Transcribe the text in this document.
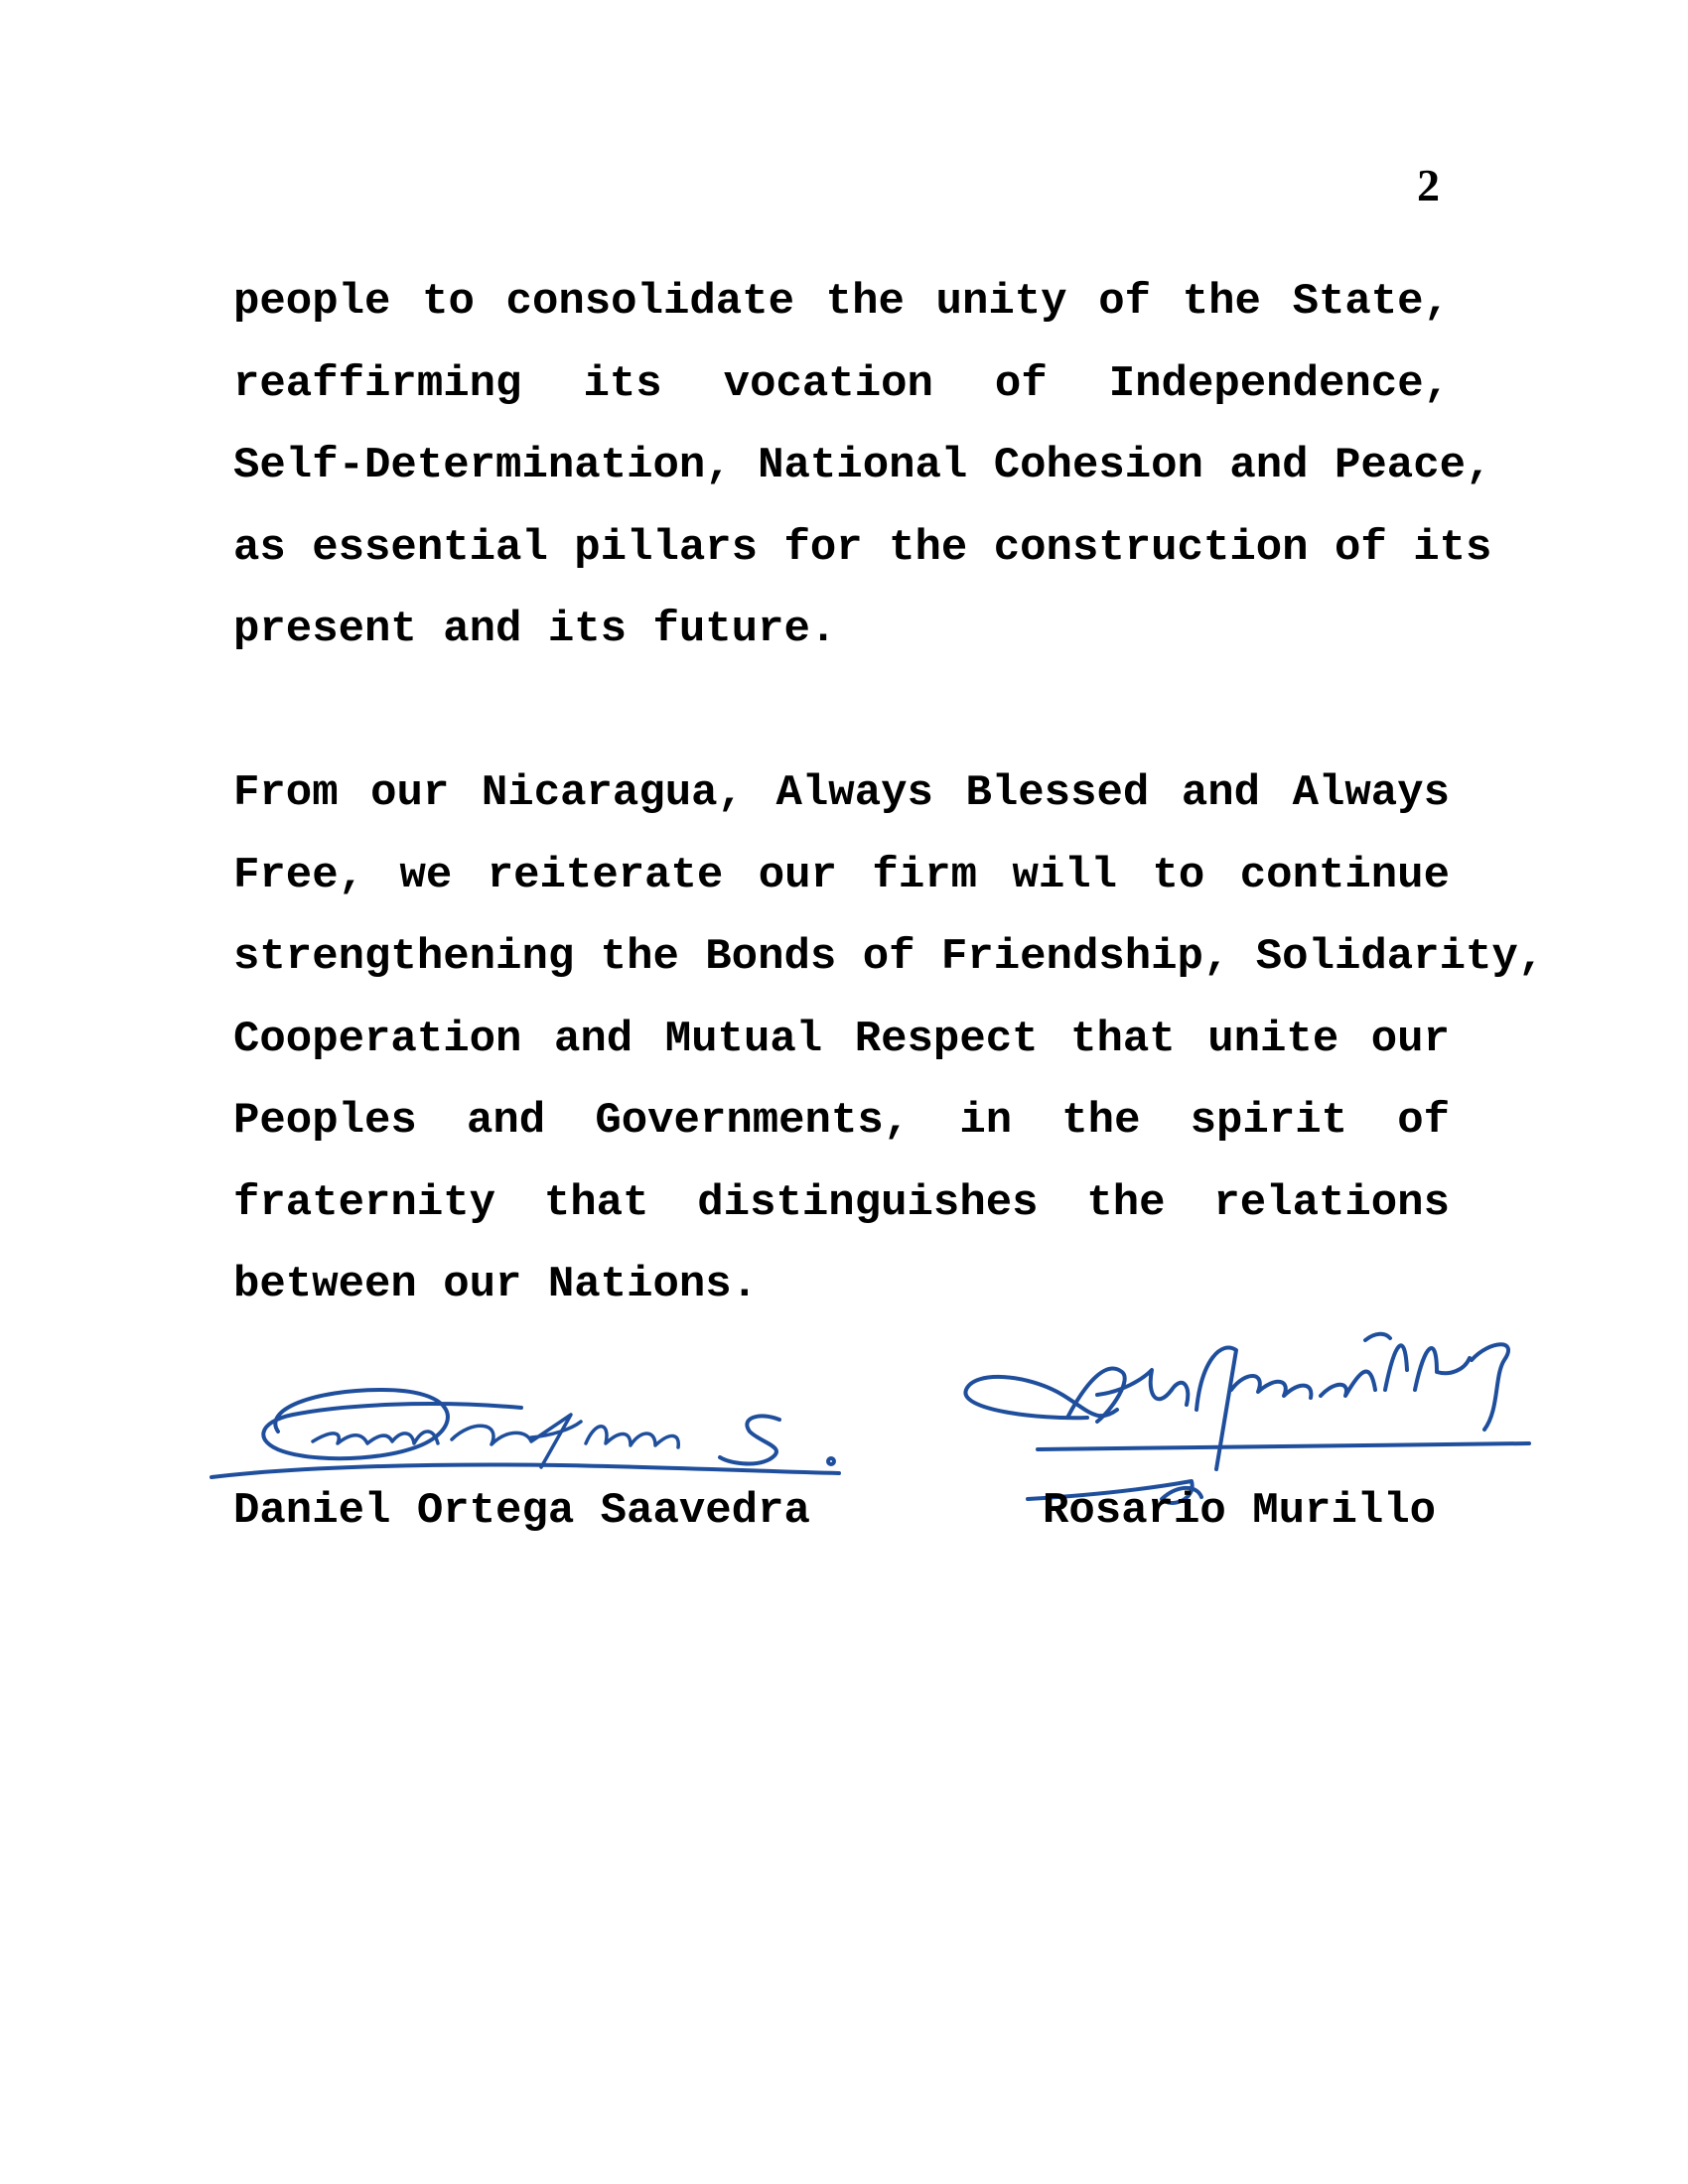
2
people to consolidate the unity of the State,
reaffirming its vocation of Independence,
Self-Determination, National Cohesion and Peace,
as essential pillars for the construction of its
present and its future.
From our Nicaragua, Always Blessed and Always
Free, we reiterate our firm will to continue
strengthening the Bonds of Friendship, Solidarity,
Cooperation and Mutual Respect that unite our
Peoples and Governments, in the spirit of
fraternity that distinguishes the relations
between our Nations.
Daniel Ortega Saavedra	Rosario Murillo
